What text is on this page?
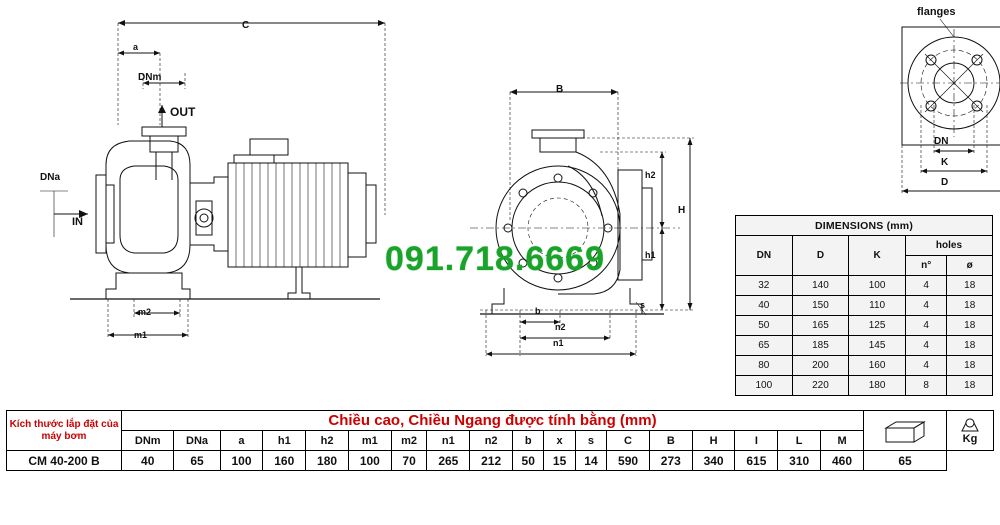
091.718.6669
C
a
DNm
OUT
DNa
IN
m2
m1
B
h2
H
h1
b
s
n2
n1
flanges
DN
K
D
DIMENSIONS (mm)				
DN	D	K	holes	
			n°	ø
32	140	100	4	18
40	150	110	4	18
50	165	125	4	18
65	185	145	4	18
80	200	160	4	18
100	220	180	8	18
Kích thước lắp đặt của máy bơm	Chiều cao, Chiều Ngang được tính bằng (mm)																			Kg

	DNm	DNa	a	h1	h2	m1	m2	n1	n2	b	x	s	C	B	H	I	L	M		
CM 40-200 B	40	65	100	160	180	100	70	265	212	50	15	14	590	273	340	615	310	460	65	
